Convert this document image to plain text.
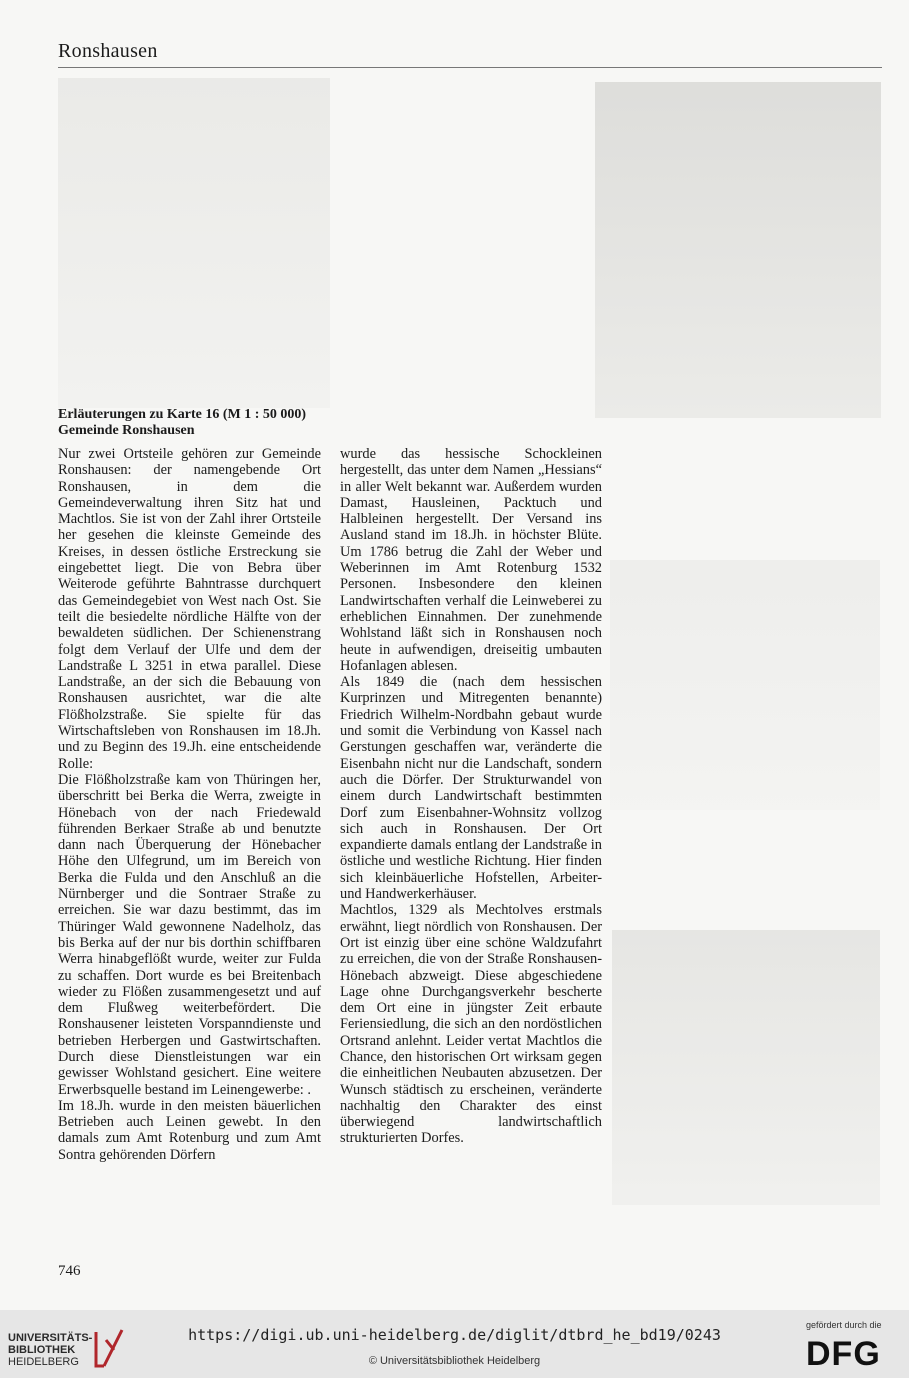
Ronshausen
Erläuterungen zu Karte 16 (M 1 : 50 000)
Gemeinde Ronshausen

Nur zwei Ortsteile gehören zur Gemeinde Ronshausen: der namengebende Ort Ronshausen, in dem die Gemeindeverwaltung ihren Sitz hat und Machtlos. Sie ist von der Zahl ihrer Ortsteile her gesehen die kleinste Gemeinde des Kreises, in dessen östliche Erstreckung sie eingebettet liegt. Die von Bebra über Weiterode geführte Bahntrasse durchquert das Gemeindegebiet von West nach Ost. Sie teilt die besiedelte nördliche Hälfte von der bewaldeten südlichen. Der Schienenstrang folgt dem Verlauf der Ulfe und dem der Landstraße L 3251 in etwa parallel. Diese Landstraße, an der sich die Bebauung von Ronshausen ausrichtet, war die alte Flößholzstraße. Sie spielte für das Wirtschaftsleben von Ronshausen im 18.Jh. und zu Beginn des 19.Jh. eine entscheidende Rolle:

Die Flößholzstraße kam von Thüringen her, überschritt bei Berka die Werra, zweigte in Hönebach von der nach Friedewald führenden Berkaer Straße ab und benutzte dann nach Überquerung der Hönebacher Höhe den Ulfegrund, um im Bereich von Berka die Fulda und den Anschluß an die Nürnberger und die Sontraer Straße zu erreichen. Sie war dazu bestimmt, das im Thüringer Wald gewonnene Nadelholz, das bis Berka auf der nur bis dorthin schiffbaren Werra hinabgeflößt wurde, weiter zur Fulda zu schaffen. Dort wurde es bei Breitenbach wieder zu Flößen zusammengesetzt und auf dem Flußweg weiterbefördert. Die Ronshausener leisteten Vorspanndienste und betrieben Herbergen und Gastwirtschaften. Durch diese Dienstleistungen war ein gewisser Wohlstand gesichert. Eine weitere Erwerbsquelle bestand im Leinengewerbe: .

Im 18.Jh. wurde in den meisten bäuerlichen Betrieben auch Leinen gewebt. In den damals zum Amt Rotenburg und zum Amt Sontra gehörenden Dörfern

wurde das hessische Schockleinen hergestellt, das unter dem Namen „Hessians“ in aller Welt bekannt war. Außerdem wurden Damast, Hausleinen, Packtuch und Halbleinen hergestellt. Der Versand ins Ausland stand im 18.Jh. in höchster Blüte. Um 1786 betrug die Zahl der Weber und Weberinnen im Amt Rotenburg 1532 Personen. Insbesondere den kleinen Landwirtschaften verhalf die Leinweberei zu erheblichen Einnahmen. Der zunehmende Wohlstand läßt sich in Ronshausen noch heute in aufwendigen, dreiseitig umbauten Hofanlagen ablesen.

Als 1849 die (nach dem hessischen Kurprinzen und Mitregenten benannte) Friedrich Wilhelm-Nordbahn gebaut wurde und somit die Verbindung von Kassel nach Gerstungen geschaffen war, veränderte die Eisenbahn nicht nur die Landschaft, sondern auch die Dörfer. Der Strukturwandel von einem durch Landwirtschaft bestimmten Dorf zum Eisenbahner-Wohnsitz vollzog sich auch in Ronshausen. Der Ort expandierte damals entlang der Landstraße in östliche und westliche Richtung. Hier finden sich kleinbäuerliche Hofstellen, Arbeiter- und Handwerkerhäuser.

Machtlos, 1329 als Mechtolves erstmals erwähnt, liegt nördlich von Ronshausen. Der Ort ist einzig über eine schöne Waldzufahrt zu erreichen, die von der Straße Ronshausen-Hönebach abzweigt. Diese abgeschiedene Lage ohne Durchgangsverkehr bescherte dem Ort eine in jüngster Zeit erbaute Feriensiedlung, die sich an den nordöstlichen Ortsrand anlehnt. Leider vertat Machtlos die Chance, den historischen Ort wirksam gegen die einheitlichen Neubauten abzusetzen. Der Wunsch städtisch zu erscheinen, veränderte nachhaltig den Charakter des einst überwiegend landwirtschaftlich strukturierten Dorfes.

746
UNIVERSITÄTS-
BIBLIOTHEK
HEIDELBERG
https://digi.ub.uni-heidelberg.de/diglit/dtbrd_he_bd19/0243
© Universitätsbibliothek Heidelberg
gefördert durch die
DFG
